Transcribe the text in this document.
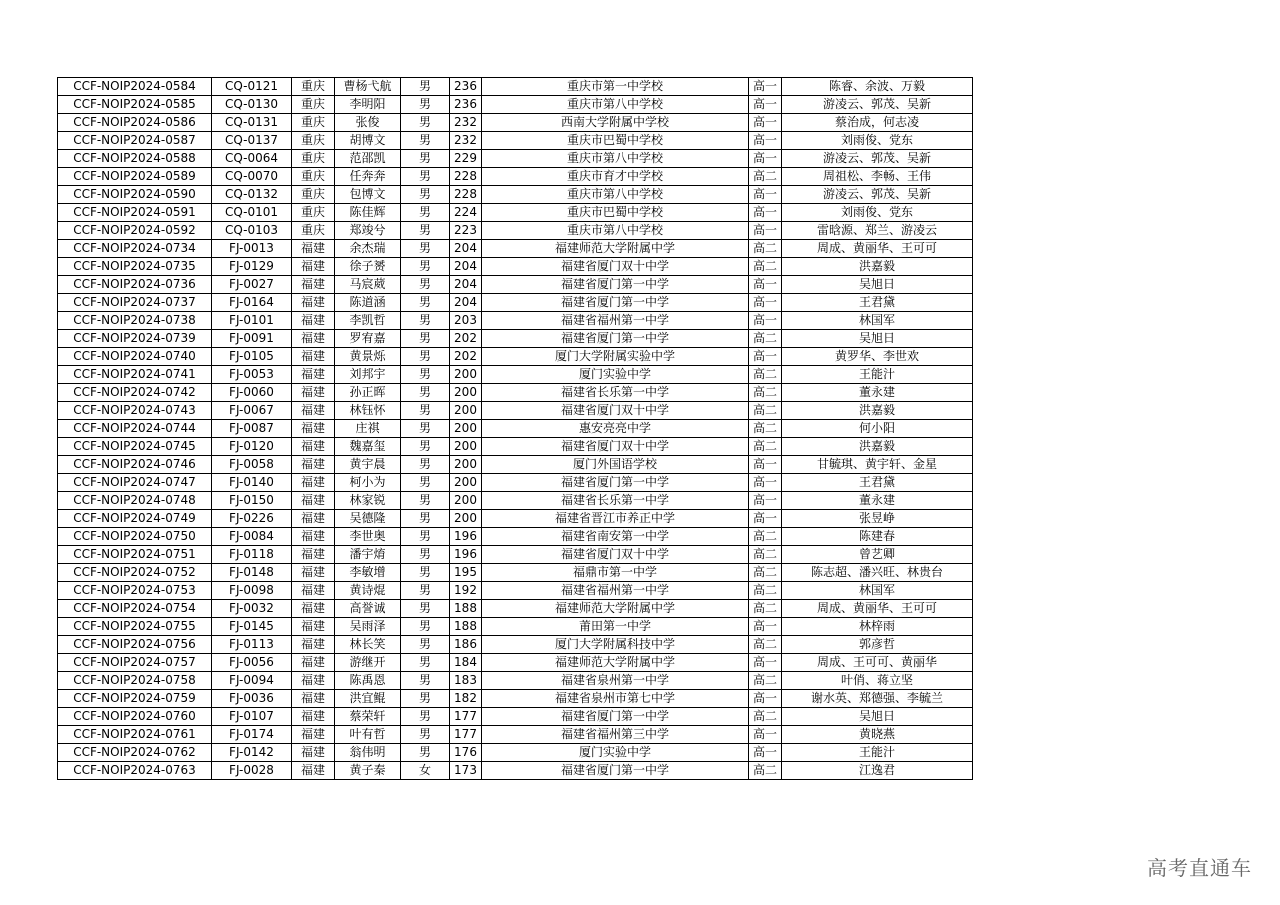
CCF-NOIP2024-0584	CQ-0121	重庆	曹杨弋航	男	236	重庆市第一中学校	高一	陈睿、余波、万毅
CCF-NOIP2024-0585	CQ-0130	重庆	李明阳	男	236	重庆市第八中学校	高一	游凌云、郭茂、吴新
CCF-NOIP2024-0586	CQ-0131	重庆	张俊	男	232	西南大学附属中学校	高一	蔡治成，何志凌
CCF-NOIP2024-0587	CQ-0137	重庆	胡博文	男	232	重庆市巴蜀中学校	高一	刘雨俊、党东
CCF-NOIP2024-0588	CQ-0064	重庆	范邵凯	男	229	重庆市第八中学校	高一	游凌云、郭茂、吴新
CCF-NOIP2024-0589	CQ-0070	重庆	任奔奔	男	228	重庆市育才中学校	高二	周祖松、李畅、王伟
CCF-NOIP2024-0590	CQ-0132	重庆	包博文	男	228	重庆市第八中学校	高一	游凌云、郭茂、吴新
CCF-NOIP2024-0591	CQ-0101	重庆	陈佳辉	男	224	重庆市巴蜀中学校	高一	刘雨俊、党东
CCF-NOIP2024-0592	CQ-0103	重庆	郑竣兮	男	223	重庆市第八中学校	高一	雷晗源、郑兰、游凌云
CCF-NOIP2024-0734	FJ-0013	福建	余杰瑞	男	204	福建师范大学附属中学	高二	周成、黄丽华、王可可
CCF-NOIP2024-0735	FJ-0129	福建	徐子赟	男	204	福建省厦门双十中学	高二	洪嘉毅
CCF-NOIP2024-0736	FJ-0027	福建	马宸葳	男	204	福建省厦门第一中学	高一	吴旭日
CCF-NOIP2024-0737	FJ-0164	福建	陈道涵	男	204	福建省厦门第一中学	高一	王君黛
CCF-NOIP2024-0738	FJ-0101	福建	李凯哲	男	203	福建省福州第一中学	高一	林国军
CCF-NOIP2024-0739	FJ-0091	福建	罗宥嘉	男	202	福建省厦门第一中学	高二	吴旭日
CCF-NOIP2024-0740	FJ-0105	福建	黄景烁	男	202	厦门大学附属实验中学	高一	黄罗华、李世欢
CCF-NOIP2024-0741	FJ-0053	福建	刘邦宇	男	200	厦门实验中学	高二	王能汁
CCF-NOIP2024-0742	FJ-0060	福建	孙正晖	男	200	福建省长乐第一中学	高二	董永建
CCF-NOIP2024-0743	FJ-0067	福建	林钰怀	男	200	福建省厦门双十中学	高二	洪嘉毅
CCF-NOIP2024-0744	FJ-0087	福建	庄祺	男	200	惠安亮亮中学	高二	何小阳
CCF-NOIP2024-0745	FJ-0120	福建	魏嘉玺	男	200	福建省厦门双十中学	高二	洪嘉毅
CCF-NOIP2024-0746	FJ-0058	福建	黄宇晨	男	200	厦门外国语学校	高一	甘毓琪、黄宇轩、金星
CCF-NOIP2024-0747	FJ-0140	福建	柯小为	男	200	福建省厦门第一中学	高一	王君黛
CCF-NOIP2024-0748	FJ-0150	福建	林家锐	男	200	福建省长乐第一中学	高一	董永建
CCF-NOIP2024-0749	FJ-0226	福建	吴德隆	男	200	福建省晋江市养正中学	高一	张昱峥
CCF-NOIP2024-0750	FJ-0084	福建	李世奥	男	196	福建省南安第一中学	高二	陈建春
CCF-NOIP2024-0751	FJ-0118	福建	潘宇焴	男	196	福建省厦门双十中学	高二	曾艺卿
CCF-NOIP2024-0752	FJ-0148	福建	李敏增	男	195	福鼎市第一中学	高二	陈志超、潘兴旺、林贵台
CCF-NOIP2024-0753	FJ-0098	福建	黄诗焜	男	192	福建省福州第一中学	高二	林国军
CCF-NOIP2024-0754	FJ-0032	福建	高誉诚	男	188	福建师范大学附属中学	高二	周成、黄丽华、王可可
CCF-NOIP2024-0755	FJ-0145	福建	吴雨泽	男	188	莆田第一中学	高一	林梓雨
CCF-NOIP2024-0756	FJ-0113	福建	林长笑	男	186	厦门大学附属科技中学	高二	郭彦哲
CCF-NOIP2024-0757	FJ-0056	福建	游继开	男	184	福建师范大学附属中学	高一	周成、王可可、黄丽华
CCF-NOIP2024-0758	FJ-0094	福建	陈禹恩	男	183	福建省泉州第一中学	高二	叶俏、蒋立坚
CCF-NOIP2024-0759	FJ-0036	福建	洪宜鲲	男	182	福建省泉州市第七中学	高一	谢水英、郑德强、李毓兰
CCF-NOIP2024-0760	FJ-0107	福建	蔡荣轩	男	177	福建省厦门第一中学	高二	吴旭日
CCF-NOIP2024-0761	FJ-0174	福建	叶有哲	男	177	福建省福州第三中学	高一	黄晓燕
CCF-NOIP2024-0762	FJ-0142	福建	翁伟明	男	176	厦门实验中学	高一	王能汁
CCF-NOIP2024-0763	FJ-0028	福建	黄子秦	女	173	福建省厦门第一中学	高二	江逸君
高考直通车
